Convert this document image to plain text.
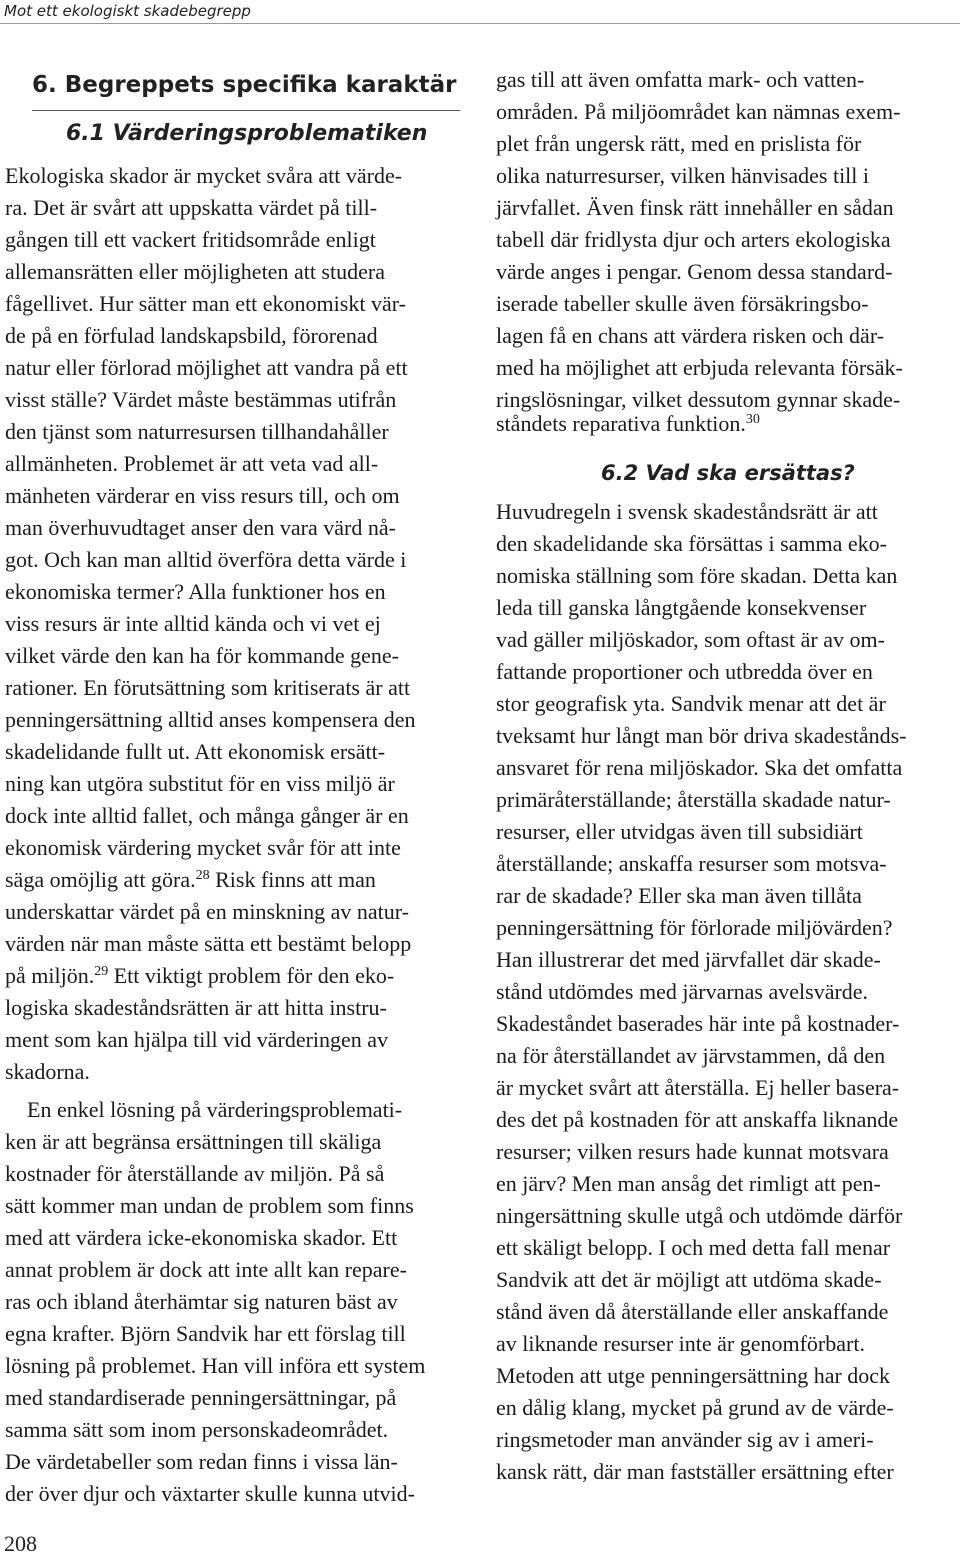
Mot ett ekologiskt skadebegrepp
6. Begreppets specifika karaktär
6.1 Värderingsproblematiken
Ekologiska skador är mycket svåra att värde-
ra. Det är svårt att uppskatta värdet på till-
gången till ett vackert fritidsområde enligt
allemansrätten eller möjligheten att studera
fågellivet. Hur sätter man ett ekonomiskt vär-
de på en förfulad landskapsbild, förorenad
natur eller förlorad möjlighet att vandra på ett
visst ställe? Värdet måste bestämmas utifrån
den tjänst som naturresursen tillhandahåller
allmänheten. Problemet är att veta vad all-
mänheten värderar en viss resurs till, och om
man överhuvudtaget anser den vara värd nå-
got. Och kan man alltid överföra detta värde i
ekonomiska termer? Alla funktioner hos en
viss resurs är inte alltid kända och vi vet ej
vilket värde den kan ha för kommande gene-
rationer. En förutsättning som kritiserats är att
penningersättning alltid anses kompensera den
skadelidande fullt ut. Att ekonomisk ersätt-
ning kan utgöra substitut för en viss miljö är
dock inte alltid fallet, och många gånger är en
ekonomisk värdering mycket svår för att inte
säga omöjlig att göra.$^{28}$ Risk finns att man
underskattar värdet på en minskning av natur-
värden när man måste sätta ett bestämt belopp
på miljön.$^{29}$ Ett viktigt problem för den eko-
logiska skadeståndsrätten är att hitta instru-
ment som kan hjälpa till vid värderingen av
skadorna.
En enkel lösning på värderingsproblemati-
ken är att begränsa ersättningen till skäliga
kostnader för återställande av miljön. På så
sätt kommer man undan de problem som finns
med att värdera icke-ekonomiska skador. Ett
annat problem är dock att inte allt kan repare-
ras och ibland återhämtar sig naturen bäst av
egna krafter. Björn Sandvik har ett förslag till
lösning på problemet. Han vill införa ett system
med standardiserade penningersättningar, på
samma sätt som inom personskadeområdet.
De värdetabeller som redan finns i vissa län-
der över djur och växtarter skulle kunna utvid-
gas till att även omfatta mark- och vatten-
områden. På miljöområdet kan nämnas exem-
plet från ungersk rätt, med en prislista för
olika naturresurser, vilken hänvisades till i
järvfallet. Även finsk rätt innehåller en sådan
tabell där fridlysta djur och arters ekologiska
värde anges i pengar. Genom dessa standard-
iserade tabeller skulle även försäkringsbo-
lagen få en chans att värdera risken och där-
med ha möjlighet att erbjuda relevanta försäk-
ringslösningar, vilket dessutom gynnar skade-
ståndets reparativa funktion.$^{30}$
Huvudregeln i svensk skadeståndsrätt är att
den skadelidande ska försättas i samma eko-
nomiska ställning som före skadan. Detta kan
leda till ganska långtgående konsekvenser
vad gäller miljöskador, som oftast är av om-
fattande proportioner och utbredda över en
stor geografisk yta. Sandvik menar att det är
tveksamt hur långt man bör driva skadestånds-
ansvaret för rena miljöskador. Ska det omfatta
primäråterställande; återställa skadade natur-
resurser, eller utvidgas även till subsidiärt
återställande; anskaffa resurser som motsva-
rar de skadade? Eller ska man även tillåta
penningersättning för förlorade miljövärden?
Han illustrerar det med järvfallet där skade-
stånd utdömdes med järvarnas avelsvärde.
Skadeståndet baserades här inte på kostnader-
na för återställandet av järvstammen, då den
är mycket svårt att återställa. Ej heller basera-
des det på kostnaden för att anskaffa liknande
resurser; vilken resurs hade kunnat motsvara
en järv? Men man ansåg det rimligt att pen-
ningersättning skulle utgå och utdömde därför
ett skäligt belopp. I och med detta fall menar
Sandvik att det är möjligt att utdöma skade-
stånd även då återställande eller anskaffande
av liknande resurser inte är genomförbart.
Metoden att utge penningersättning har dock
en dålig klang, mycket på grund av de värde-
ringsmetoder man använder sig av i ameri-
kansk rätt, där man fastställer ersättning efter
6.2 Vad ska ersättas?
208
